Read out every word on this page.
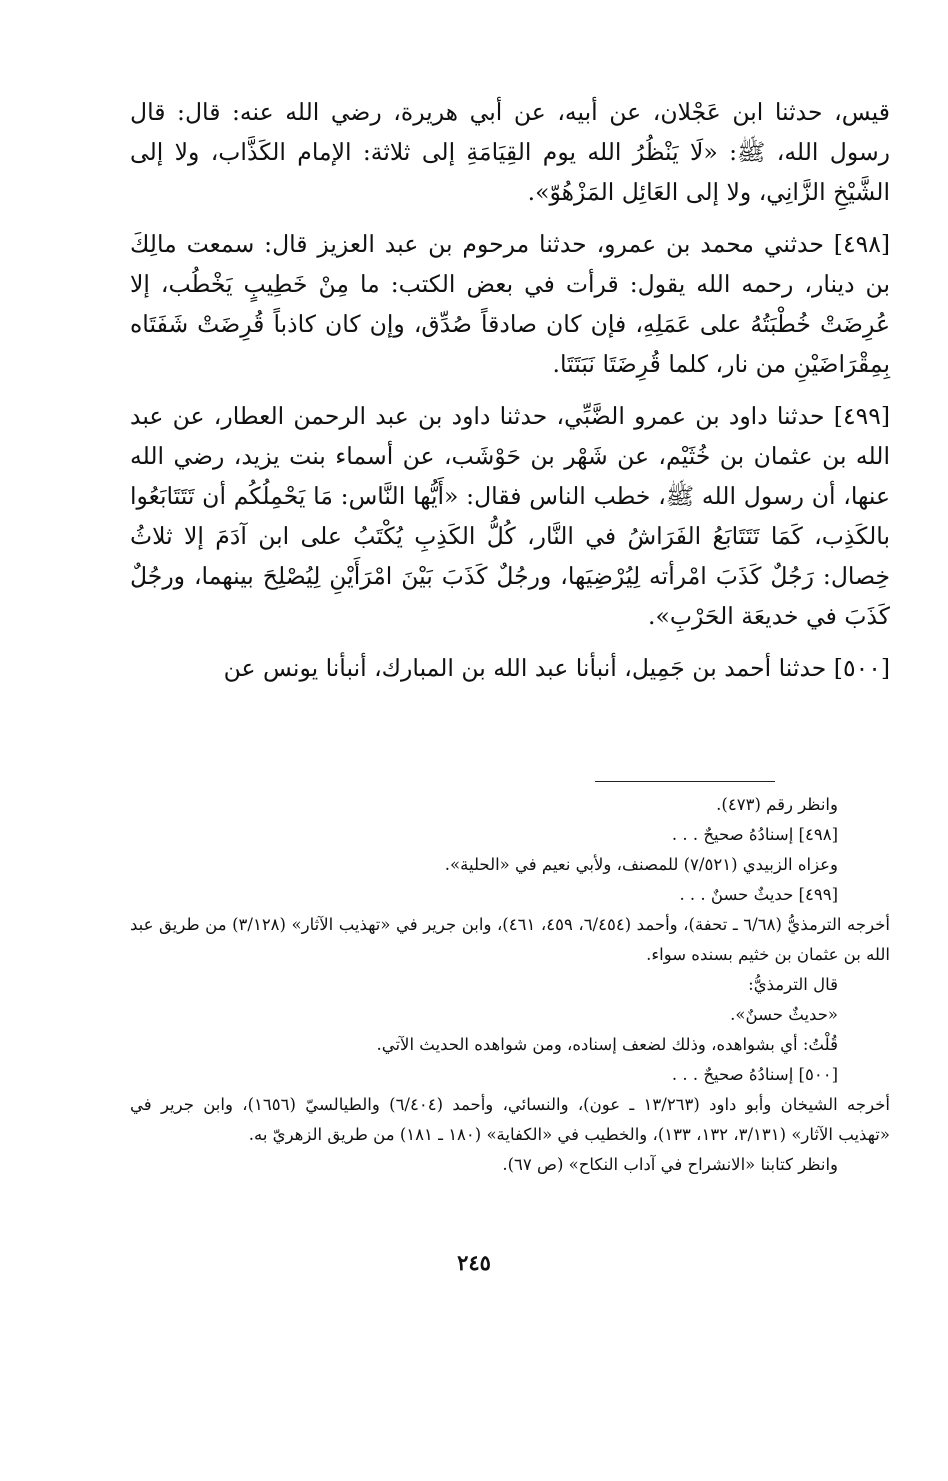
قيس، حدثنا ابن عَجْلان، عن أبيه، عن أبي هريرة، رضي الله عنه: قال: قال رسول الله، ﷺ: «لَا يَنْظُرُ الله يوم القِيَامَةِ إلى ثلاثة: الإمام الكَذَّاب، ولا إلى الشَّيْخِ الزَّانِي، ولا إلى العَائِل المَزْهُوّ».

[٤٩٨] حدثني محمد بن عمرو، حدثنا مرحوم بن عبد العزيز قال: سمعت مالِكَ بن دينار، رحمه الله يقول: قرأت في بعض الكتب: ما مِنْ خَطِيبٍ يَخْطُب، إلا عُرِضَتْ خُطْبَتُهُ على عَمَلِهِ، فإن كان صادقاً صُدِّق، وإن كان كاذباً قُرِضَتْ شَفَتَاه بِمِقْرَاضَيْنِ من نار، كلما قُرِضَتَا نَبَتَتَا.

[٤٩٩] حدثنا داود بن عمرو الضَّبِّي، حدثنا داود بن عبد الرحمن العطار، عن عبد الله بن عثمان بن خُثَيْم، عن شَهْر بن حَوْشَب، عن أسماء بنت يزيد، رضي الله عنها، أن رسول الله ﷺ، خطب الناس فقال: «أَيُّها النَّاس: مَا يَحْمِلُكُم أن تَتَتَابَعُوا بالكَذِب، كَمَا تَتَتَابَعُ الفَرَاشُ في النَّار، كُلُّ الكَذِبِ يُكْتَبُ على ابن آدَمَ إلا ثلاثُ خِصال: رَجُلٌ كَذَبَ امْرأته لِيُرْضِيَها، ورجُلٌ كَذَبَ بَيْنَ امْرَأَيْنِ لِيُصْلِحَ بينهما، ورجُلٌ كَذَبَ في خديعَة الحَرْبِ».

[٥٠٠] حدثنا أحمد بن جَمِيل، أنبأنا عبد الله بن المبارك، أنبأنا يونس عن

وانظر رقم (٤٧٣).

[٤٩٨] إسنادُهُ صحيحٌ . . .

وعزاه الزبيدي (٧/٥٢١) للمصنف، ولأبي نعيم في «الحلية».

[٤٩٩] حديثٌ حسنٌ . . .

أخرجه الترمذيُّ (٦/٦٨ ـ تحفة)، وأحمد (٦/٤٥٤، ٤٥٩، ٤٦١)، وابن جرير في «تهذيب الآثار» (٣/١٢٨) من طريق عبد الله بن عثمان بن خثيم بسنده سواء.

قال الترمذيُّ:

«حديثٌ حسنٌ».

قُلْتُ: أي بشواهده، وذلك لضعف إسناده، ومن شواهده الحديث الآتي.

[٥٠٠] إسنادُهُ صحيحٌ . . .

أخرجه الشيخان وأبو داود (١٣/٢٦٣ ـ عون)، والنسائي، وأحمد (٦/٤٠٤) والطيالسيّ (١٦٥٦)، وابن جرير في «تهذيب الآثار» (٣/١٣١، ١٣٢، ١٣٣)، والخطيب في «الكفاية» (١٨٠ ـ ١٨١) من طريق الزهريّ به.

وانظر كتابنا «الانشراح في آداب النكاح» (ص ٦٧).

٢٤٥
